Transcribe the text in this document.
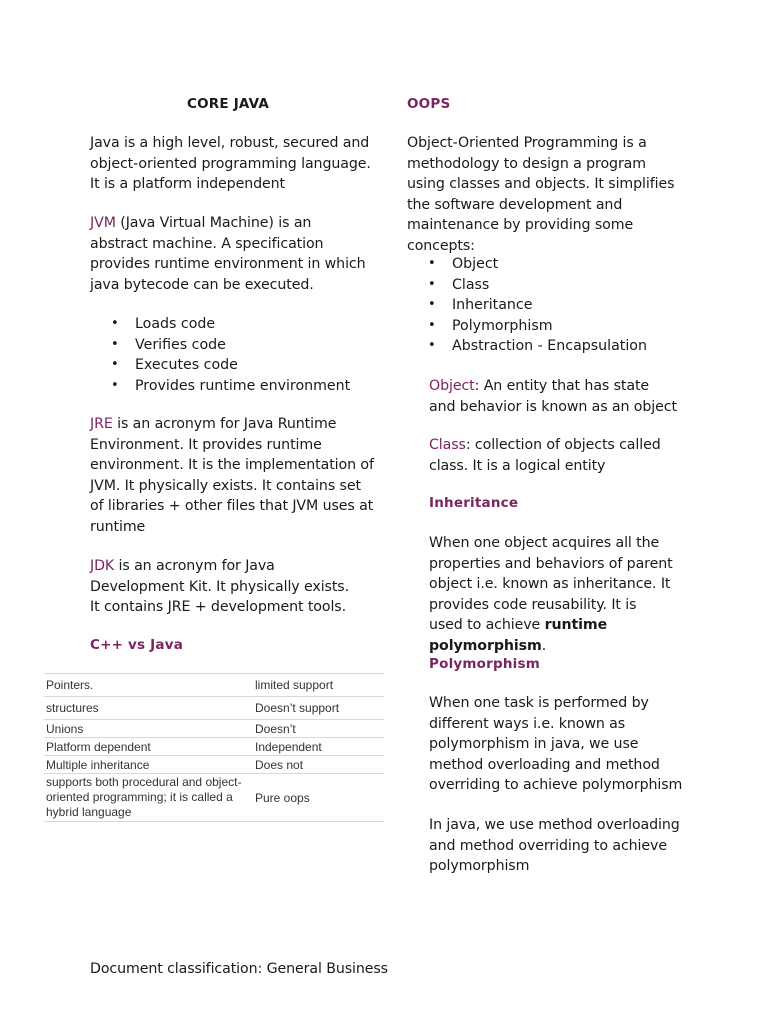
CORE JAVA
Java is a high level, robust, secured and object-oriented programming language. It is a platform independent
JVM (Java Virtual Machine) is an abstract machine. A specification provides runtime environment in which java bytecode can be executed.
• Loads code
• Verifies code
• Executes code
• Provides runtime environment
JRE is an acronym for Java Runtime Environment. It provides runtime environment. It is the implementation of JVM. It physically exists. It contains set of libraries + other files that JVM uses at runtime
JDK is an acronym for Java Development Kit. It physically exists. It contains JRE + development tools.
C++ vs Java
Pointers.	limited support
structures	Doesn’t support
Unions	Doesn’t
Platform dependent	Independent
Multiple inheritance	Does not
supports both procedural and object-oriented programming; it is called a hybrid language	Pure oops
OOPS
Object-Oriented Programming is a methodology to design a program using classes and objects. It simplifies the software development and maintenance by providing some concepts:
• Object
• Class
• Inheritance
• Polymorphism
• Abstraction - Encapsulation
Object: An entity that has state and behavior is known as an object
Class: collection of objects called class. It is a logical entity
Inheritance
When one object acquires all the properties and behaviors of parent object i.e. known as inheritance. It provides code reusability. It is used to achieve runtime polymorphism.
Polymorphism
When one task is performed by different ways i.e. known as polymorphism in java, we use method overloading and method overriding to achieve polymorphism
In java, we use method overloading and method overriding to achieve polymorphism
Document classification: General Business
